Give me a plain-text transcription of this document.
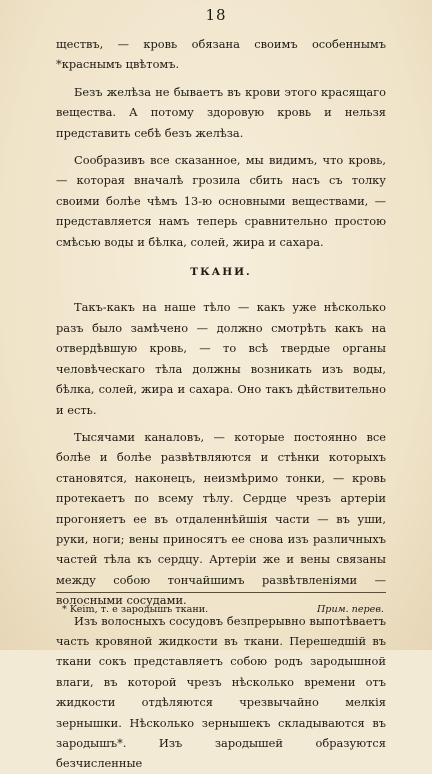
18

ществъ, — кровь обязана своимъ особеннымъ *краснымъ цвѣтомъ.

Безъ желѣза не бываетъ въ крови этого красящаго вещества. А потому здоровую кровь и нельзя представить себѣ безъ желѣза.

Сообразивъ все сказанное, мы видимъ, что кровь, — которая вначалѣ грозила сбить насъ съ толку своими болѣе чѣмъ 13-ю основными веществами, — представляется намъ теперь сравнительно простою смѣсью воды и бѣлка, солей, жира и сахара.

ТКАНИ.

Такъ-какъ на наше тѣло — какъ уже нѣсколько разъ было замѣчено — должно смотрѣть какъ на отвердѣвшую кровь, — то всѣ твердые органы человѣческаго тѣла должны возникать изъ воды, бѣлка, солей, жира и сахара. Оно такъ дѣйствительно и есть.

Тысячами каналовъ, — которые постоянно все болѣе и болѣе развѣтвляются и стѣнки которыхъ становятся, наконецъ, неизмѣримо тонки, — кровь протекаетъ по всему тѣлу. Сердце чрезъ артеріи прогоняетъ ее въ отдаленнѣйшія части — въ уши, руки, ноги; вены приносятъ ее снова изъ различныхъ частей тѣла къ сердцу. Артеріи же и вены связаны между собою тончайшимъ развѣтвленіями — волосными сосудами.

Изъ волосныхъ сосудовъ безпрерывно выпотѣваетъ часть кровяной жидкости въ ткани. Перешедшій въ ткани сокъ представляетъ собою родъ зародышной влаги, въ которой чрезъ нѣсколько времени отъ жидкости отдѣляются чрезвычайно мелкія зернышки. Нѣсколько зернышекъ складываются въ зародышъ*. Изъ зародышей образуются безчисленные

* Keim, т. е зародышъ ткани.	Прим. перев.
